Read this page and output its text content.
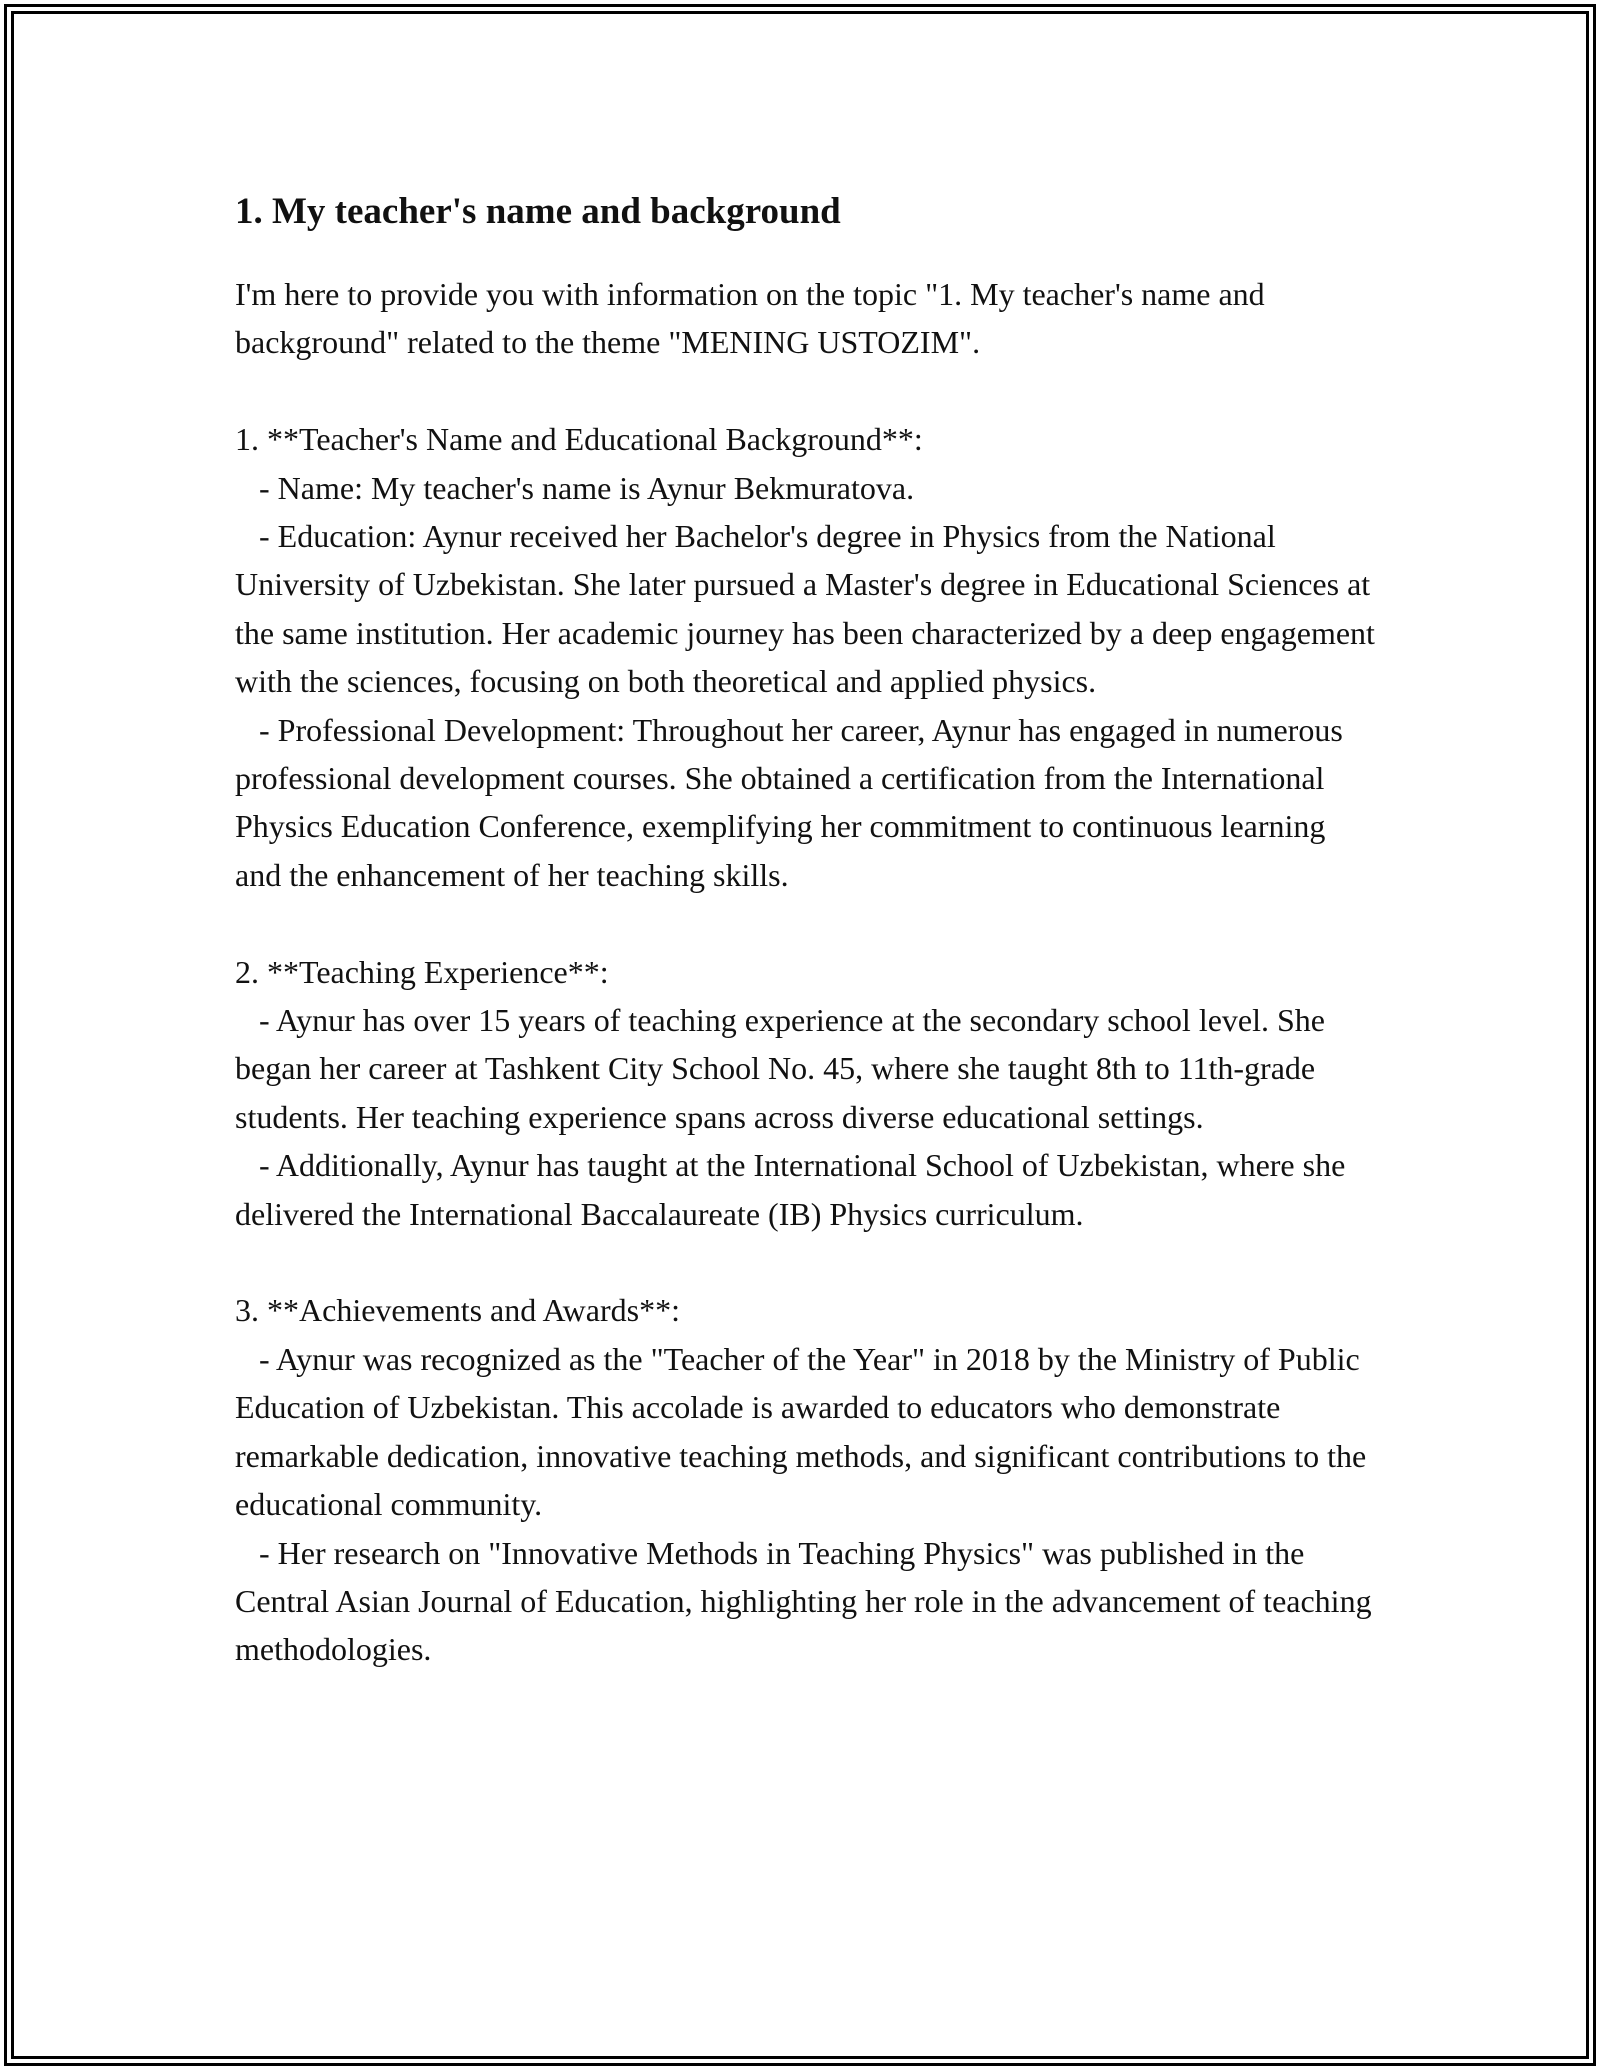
1. My teacher's name and background

I'm here to provide you with information on the topic "1. My teacher's name and background" related to the theme "MENING USTOZIM".

1. **Teacher's Name and Educational Background**:

- Name: My teacher's name is Aynur Bekmuratova.

- Education: Aynur received her Bachelor's degree in Physics from the National University of Uzbekistan. She later pursued a Master's degree in Educational Sciences at the same institution. Her academic journey has been characterized by a deep engagement with the sciences, focusing on both theoretical and applied physics.

- Professional Development: Throughout her career, Aynur has engaged in numerous professional development courses. She obtained a certification from the International Physics Education Conference, exemplifying her commitment to continuous learning and the enhancement of her teaching skills.

2. **Teaching Experience**:

- Aynur has over 15 years of teaching experience at the secondary school level. She began her career at Tashkent City School No. 45, where she taught 8th to 11th-grade students. Her teaching experience spans across diverse educational settings.

- Additionally, Aynur has taught at the International School of Uzbekistan, where she delivered the International Baccalaureate (IB) Physics curriculum.

3. **Achievements and Awards**:

- Aynur was recognized as the "Teacher of the Year" in 2018 by the Ministry of Public Education of Uzbekistan. This accolade is awarded to educators who demonstrate remarkable dedication, innovative teaching methods, and significant contributions to the educational community.

- Her research on "Innovative Methods in Teaching Physics" was published in the Central Asian Journal of Education, highlighting her role in the advancement of teaching methodologies.
